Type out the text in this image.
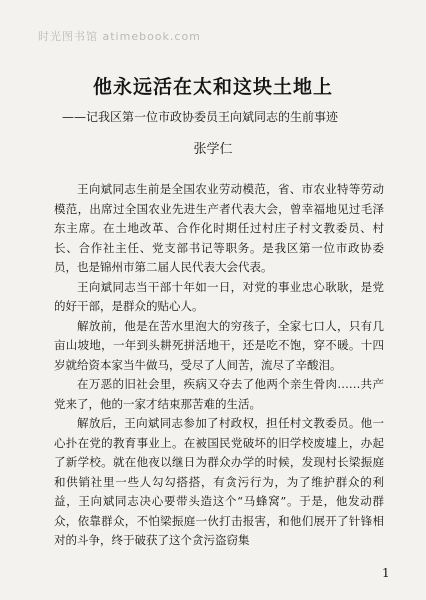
时光图书馆 atimebook.com
他永远活在太和这块土地上
——记我区第一位市政协委员王向斌同志的生前事迹
张学仁

王向斌同志生前是全国农业劳动模范，省、市农业特等劳动模范，出席过全国农业先进生产者代表大会，曾幸福地见过毛泽东主席。在土地改革、合作化时期任过村庄子村文教委员、村长、合作社主任、党支部书记等职务。是我区第一位市政协委员，也是锦州市第二届人民代表大会代表。

王向斌同志当干部十年如一日，对党的事业忠心耿耿，是党的好干部，是群众的贴心人。

解放前，他是在苦水里泡大的穷孩子，全家七口人，只有几亩山坡地，一年到头耕死拼活地干，还是吃不饱，穿不暖。十四岁就给资本家当牛做马，受尽了人间苦，流尽了辛酸泪。

在万恶的旧社会里，疾病又夺去了他两个亲生骨肉……共产党来了，他的一家才结束那苦难的生活。

解放后，王向斌同志参加了村政权，担任村文教委员。他一心扑在党的教育事业上。在被国民党破坏的旧学校废墟上，办起了新学校。就在他夜以继日为群众办学的时候，发现村长梁振庭和供销社里一些人勾勾搭搭，有贪污行为，为了维护群众的利益，王向斌同志决心要带头造这个“马蜂窝”。于是，他发动群众，依靠群众，不怕梁振庭一伙打击报害，和他们展开了针锋相对的斗争，终于破获了这个贪污盗窃集

1
